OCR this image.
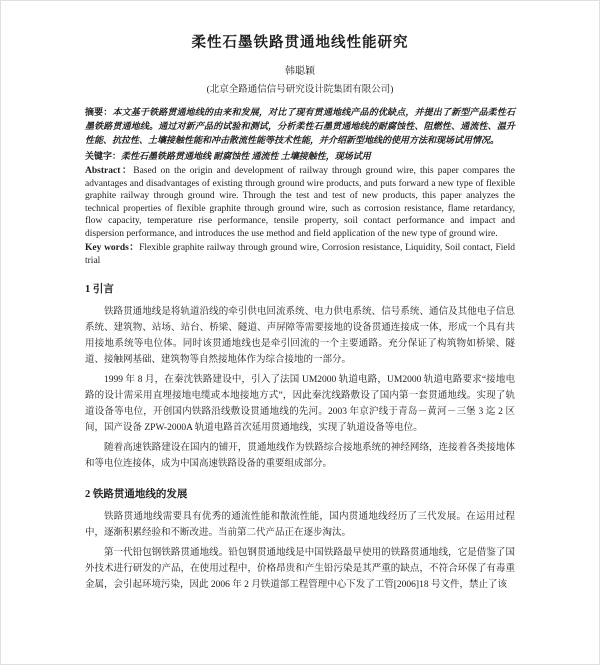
柔性石墨铁路贯通地线性能研究
韩聪颖
(北京全路通信信号研究设计院集团有限公司)

摘要：本文基于铁路贯通地线的由来和发展，对比了现有贯通地线产品的优缺点，并提出了新型产品柔性石墨铁路贯通地线。通过对新产品的试验和测试，分析柔性石墨贯通地线的耐腐蚀性、阻燃性、通流性、温升性能、抗拉性、土壤接触性能和冲击散流性能等技术性能，并介绍新型地线的使用方法和现场试用情况。

关键字：柔性石墨铁路贯通地线 耐腐蚀性 通流性 土壤接触性，现场试用

Abstract：Based on the origin and development of railway through ground wire, this paper compares the advantages and disadvantages of existing through ground wire products, and puts forward a new type of flexible graphite railway through ground wire. Through the test and test of new products, this paper analyzes the technical properties of flexible graphite through ground wire, such as corrosion resistance, flame retardancy, flow capacity, temperature rise performance, tensile property, soil contact performance and impact and dispersion performance, and introduces the use method and field application of the new type of ground wire.

Key words：Flexible graphite railway through ground wire, Corrosion resistance, Liquidity, Soil contact, Field trial

1 引言

铁路贯通地线是将轨道沿线的牵引供电回流系统、电力供电系统、信号系统、通信及其他电子信息系统、建筑物、站场、站台、桥梁、隧道、声屏障等需要接地的设备贯通连接成一体，形成一个具有共用接地系统等电位体。同时该贯通地线也是牵引回流的一个主要通路。充分保证了构筑物如桥梁、隧道、接触网基础、建筑物等自然接地体作为综合接地的一部分。

1999 年 8 月，在秦沈铁路建设中，引入了法国 UM2000 轨道电路，UM2000 轨道电路要求“接地电路的设计需采用直埋接地电缆或本地接地方式”，因此秦沈线路敷设了国内第一套贯通地线。实现了轨道设备等电位，开创国内铁路沿线敷设贯通地线的先河。2003 年京沪线于青岛－黄河－三堡 3 迄 2 区间，国产设备 ZPW-2000A 轨道电路首次延用贯通地线，实现了轨道设备等电位。

随着高速铁路建设在国内的铺开，贯通地线作为铁路综合接地系统的神经网络，连接着各类接地体和等电位连接体，成为中国高速铁路设备的重要组成部分。

2 铁路贯通地线的发展

铁路贯通地线需要具有优秀的通流性能和散流性能，国内贯通地线经历了三代发展。在运用过程中，逐渐积累经验和不断改进。当前第二代产品正在逐步淘汰。

第一代铅包钢铁路贯通地线。铅包钢贯通地线是中国铁路最早使用的铁路贯通地线，它是借鉴了国外技术进行研发的产品，在使用过程中，价格昂贵和产生铅污染是其严重的缺点，不符合环保了有毒重金属，会引起环境污染，因此 2006 年 2 月铁道部工程管理中心下发了工管[2006]18 号文件，禁止了该
